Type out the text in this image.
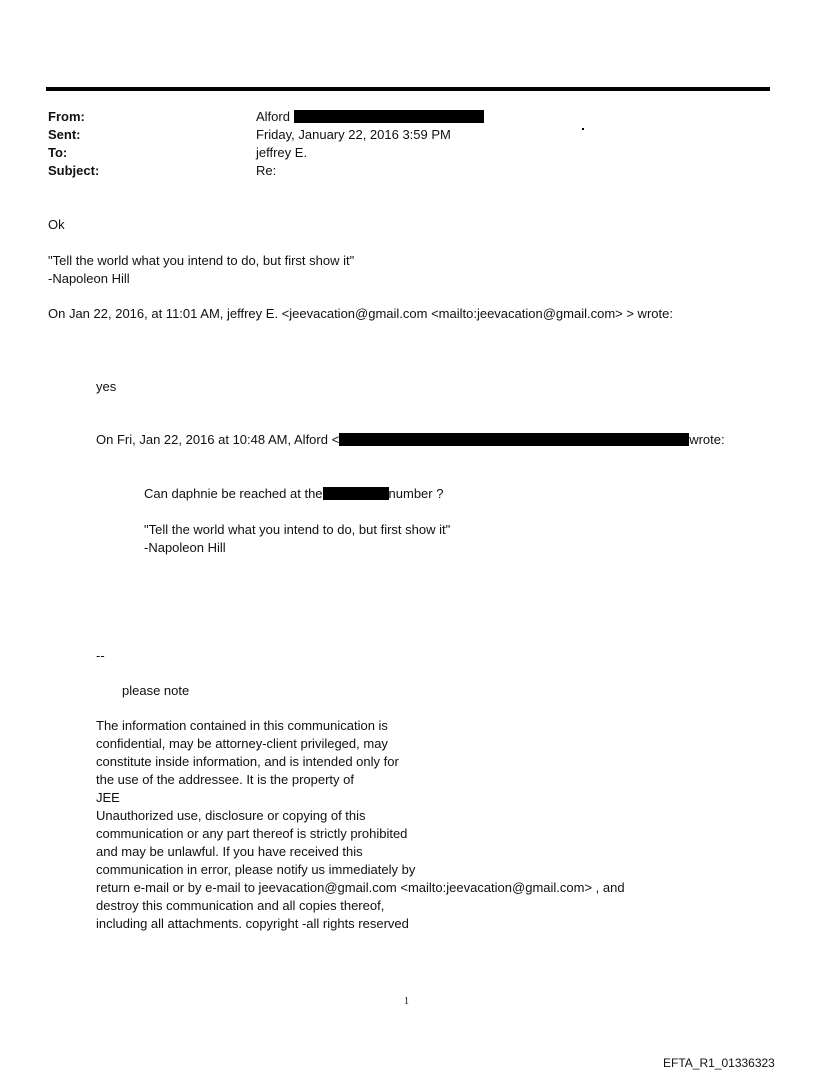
From:	Alford
Sent:	Friday, January 22, 2016 3:59 PM
To:	jeffrey E.
Subject:	Re:
Ok
"Tell the world what you intend to do, but first show it"
-Napoleon Hill
On Jan 22, 2016, at 11:01 AM, jeffrey E. <jeevacation@gmail.com <mailto:jeevacation@gmail.com> > wrote:
yes
On Fri, Jan 22, 2016 at 10:48 AM, Alford <	wrote:
Can daphnie be reached at the	number ?
"Tell the world what you intend to do, but first show it"
-Napoleon Hill
--
please note
The information contained in this communication is
confidential, may be attorney-client privileged, may
constitute inside information, and is intended only for
the use of the addressee. It is the property of
JEE
Unauthorized use, disclosure or copying of this
communication or any part thereof is strictly prohibited
and may be unlawful. If you have received this
communication in error, please notify us immediately by
return e-mail or by e-mail to jeevacation@gmail.com <mailto:jeevacation@gmail.com> , and
destroy this communication and all copies thereof,
including all attachments. copyright -all rights reserved
1
EFTA_R1_01336323
